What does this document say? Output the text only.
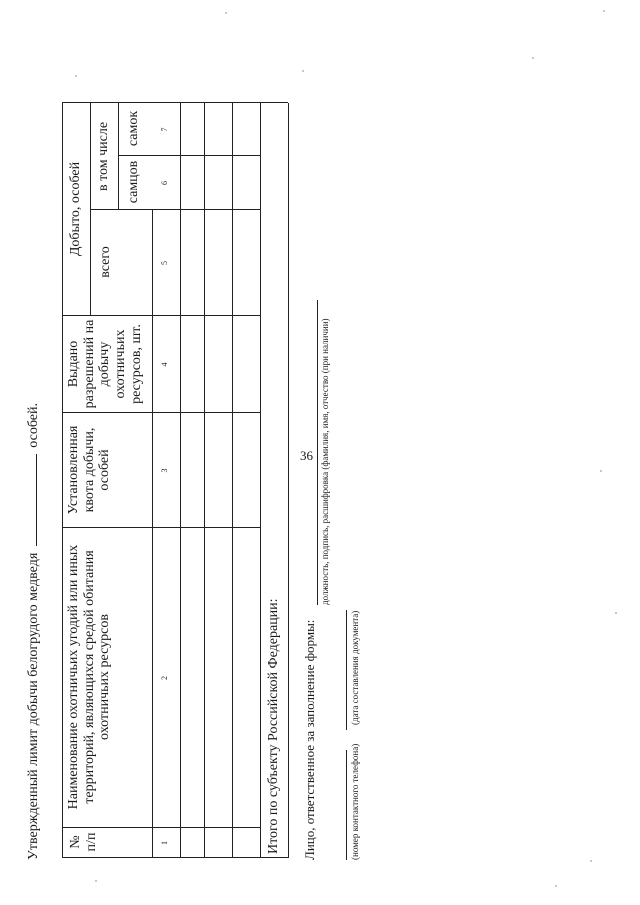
36
Утвержденный лимит добычи белогрудого медведя  особей.
№ п/п
Наименование охотничьих угодий или иных территорий, являющихся средой обитания охотничьих ресурсов
Установленная квота добычи, особей
Выдано разрешений на добычу охотничьих ресурсов, шт.
Добыто, особей
всего
в том числе самцов
самок
1
2
3
4
5
6
7
Итого по субъекту Российской Федерации: Лицо, ответственное за заполнение формы:
должность, подпись, расшифровка (фамилия, имя, отчество (при наличии)
(номер контактного телефона)
(дата составления документа)
